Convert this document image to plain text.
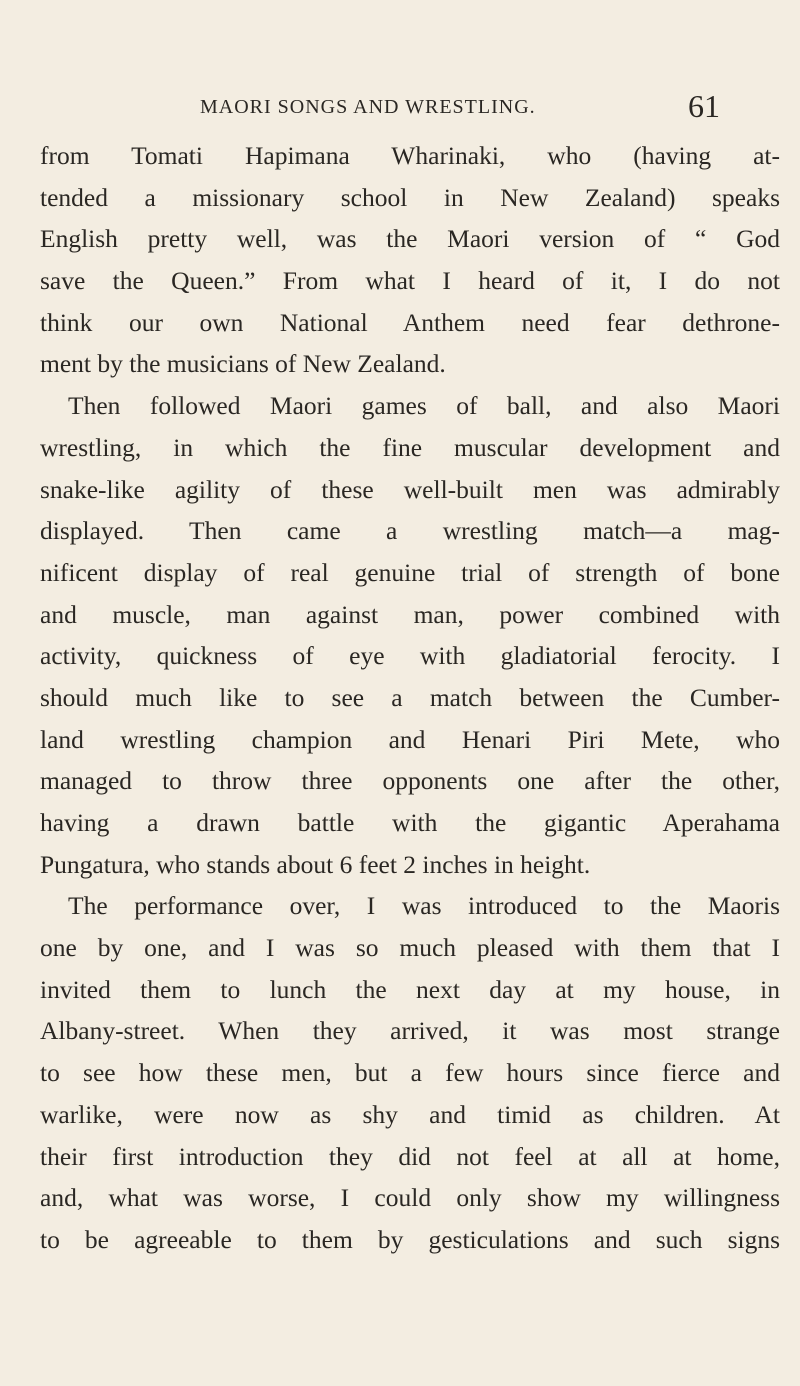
MAORI SONGS AND WRESTLING.	61
from Tomati Hapimana Wharinaki, who (having at-
tended a missionary school in New Zealand) speaks
English pretty well, was the Maori version of “ God
save the Queen.” From what I heard of it, I do not
think our own National Anthem need fear dethrone-
ment by the musicians of New Zealand.
Then followed Maori games of ball, and also Maori
wrestling, in which the fine muscular development and
snake-like agility of these well-built men was admirably
displayed. Then came a wrestling match—a mag-
nificent display of real genuine trial of strength of bone
and muscle, man against man, power combined with
activity, quickness of eye with gladiatorial ferocity. I
should much like to see a match between the Cumber-
land wrestling champion and Henari Piri Mete, who
managed to throw three opponents one after the other,
having a drawn battle with the gigantic Aperahama
Pungatura, who stands about 6 feet 2 inches in height.
The performance over, I was introduced to the Maoris
one by one, and I was so much pleased with them that I
invited them to lunch the next day at my house, in
Albany-street. When they arrived, it was most strange
to see how these men, but a few hours since fierce and
warlike, were now as shy and timid as children. At
their first introduction they did not feel at all at home,
and, what was worse, I could only show my willingness
to be agreeable to them by gesticulations and such signs
